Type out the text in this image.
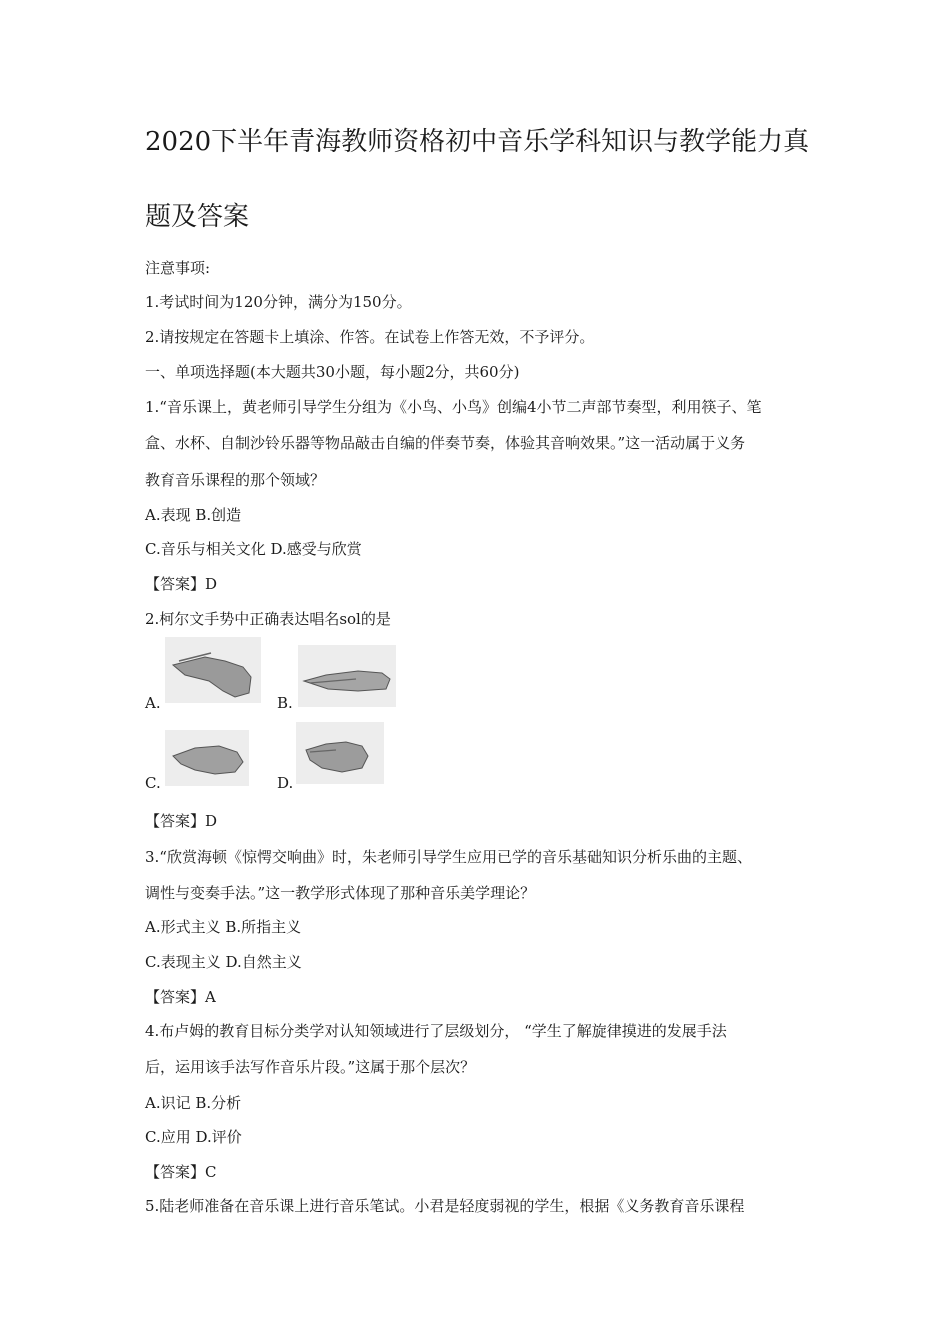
2020下半年青海教师资格初中音乐学科知识与教学能力真
题及答案
注意事项:
1.考试时间为120分钟，满分为150分。
2.请按规定在答题卡上填涂、作答。在试卷上作答无效，不予评分。
一、单项选择题(本大题共30小题，每小题2分，共60分)
1.“音乐课上，黄老师引导学生分组为《小鸟、小鸟》创编4小节二声部节奏型，利用筷子、笔
盒、水杯、自制沙铃乐器等物品敲击自编的伴奏节奏，体验其音响效果。”这一活动属于义务
教育音乐课程的那个领域？
A.表现 B.创造
C.音乐与相关文化 D.感受与欣赏
【答案】D
2.柯尔文手势中正确表达唱名sol的是
A.	B.
C.	D.
【答案】D
3.“欣赏海顿《惊愕交响曲》时，朱老师引导学生应用已学的音乐基础知识分析乐曲的主题、
调性与变奏手法。”这一教学形式体现了那种音乐美学理论？
A.形式主义 B.所指主义
C.表现主义 D.自然主义
【答案】A
4.布卢姆的教育目标分类学对认知领域进行了层级划分， “学生了解旋律摸进的发展手法
后，运用该手法写作音乐片段。”这属于那个层次？
A.识记 B.分析
C.应用 D.评价
【答案】C
5.陆老师准备在音乐课上进行音乐笔试。小君是轻度弱视的学生，根据《义务教育音乐课程
